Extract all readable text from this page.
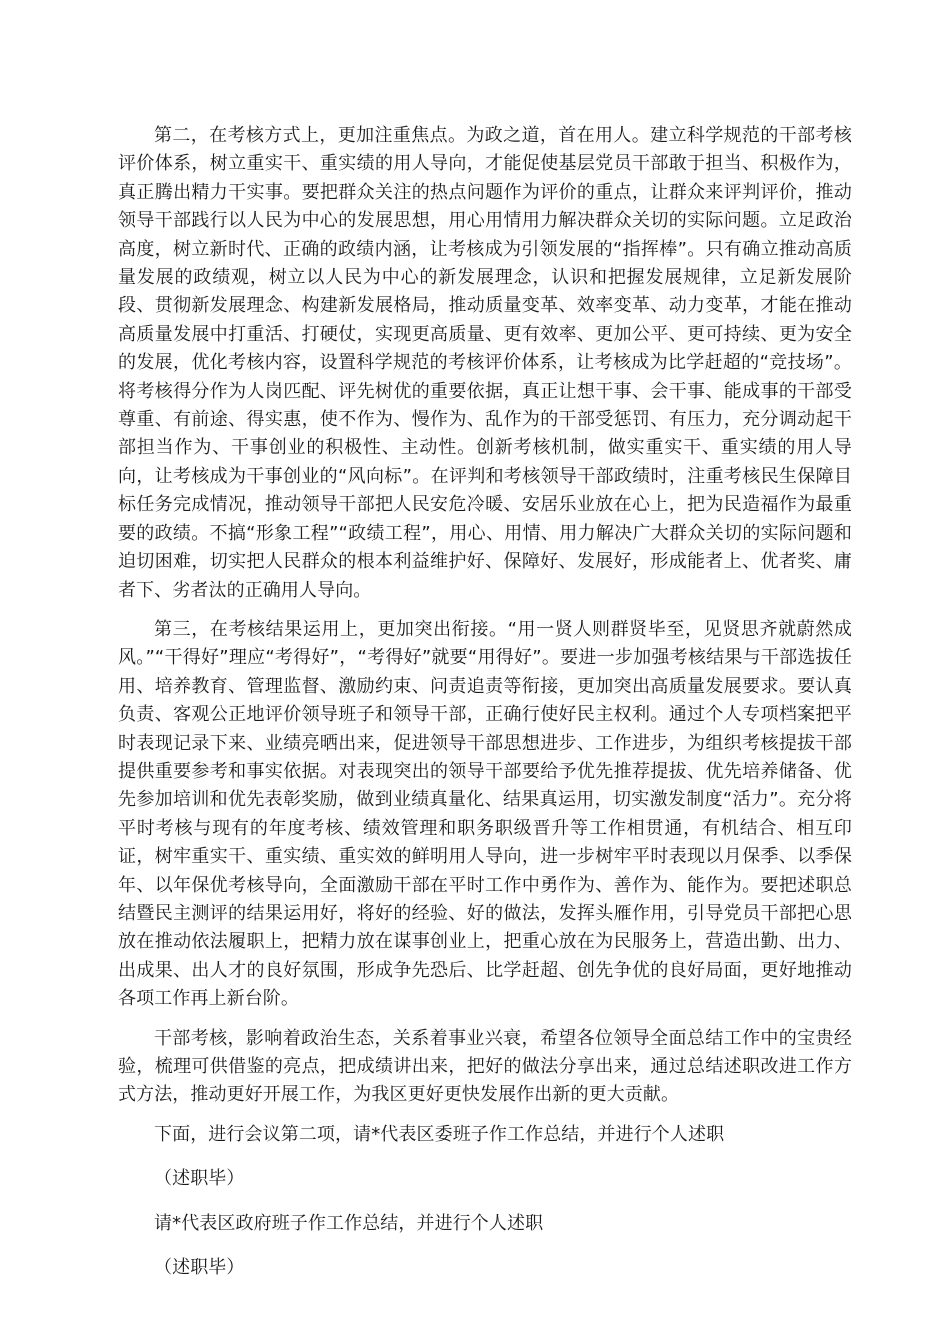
第二，在考核方式上，更加注重焦点。为政之道，首在用人。建立科学规范的干部考核评价体系，树立重实干、重实绩的用人导向，才能促使基层党员干部敢于担当、积极作为，真正腾出精力干实事。要把群众关注的热点问题作为评价的重点，让群众来评判评价，推动领导干部践行以人民为中心的发展思想，用心用情用力解决群众关切的实际问题。立足政治高度，树立新时代、正确的政绩内涵，让考核成为引领发展的“指挥棒”。只有确立推动高质量发展的政绩观，树立以人民为中心的新发展理念，认识和把握发展规律，立足新发展阶段、贯彻新发展理念、构建新发展格局，推动质量变革、效率变革、动力变革，才能在推动高质量发展中打重活、打硬仗，实现更高质量、更有效率、更加公平、更可持续、更为安全的发展，优化考核内容，设置科学规范的考核评价体系，让考核成为比学赶超的“竞技场”。将考核得分作为人岗匹配、评先树优的重要依据，真正让想干事、会干事、能成事的干部受尊重、有前途、得实惠，使不作为、慢作为、乱作为的干部受惩罚、有压力，充分调动起干部担当作为、干事创业的积极性、主动性。创新考核机制，做实重实干、重实绩的用人导向，让考核成为干事创业的“风向标”。在评判和考核领导干部政绩时，注重考核民生保障目标任务完成情况，推动领导干部把人民安危冷暖、安居乐业放在心上，把为民造福作为最重要的政绩。不搞“形象工程”“政绩工程”，用心、用情、用力解决广大群众关切的实际问题和迫切困难，切实把人民群众的根本利益维护好、保障好、发展好，形成能者上、优者奖、庸者下、劣者汰的正确用人导向。

第三，在考核结果运用上，更加突出衔接。“用一贤人则群贤毕至，见贤思齐就蔚然成风。”“干得好”理应“考得好”，“考得好”就要“用得好”。要进一步加强考核结果与干部选拔任用、培养教育、管理监督、激励约束、问责追责等衔接，更加突出高质量发展要求。要认真负责、客观公正地评价领导班子和领导干部，正确行使好民主权利。通过个人专项档案把平时表现记录下来、业绩亮晒出来，促进领导干部思想进步、工作进步，为组织考核提拔干部提供重要参考和事实依据。对表现突出的领导干部要给予优先推荐提拔、优先培养储备、优先参加培训和优先表彰奖励，做到业绩真量化、结果真运用，切实激发制度“活力”。充分将平时考核与现有的年度考核、绩效管理和职务职级晋升等工作相贯通，有机结合、相互印证，树牢重实干、重实绩、重实效的鲜明用人导向，进一步树牢平时表现以月保季、以季保年、以年保优考核导向，全面激励干部在平时工作中勇作为、善作为、能作为。要把述职总结暨民主测评的结果运用好，将好的经验、好的做法，发挥头雁作用，引导党员干部把心思放在推动依法履职上，把精力放在谋事创业上，把重心放在为民服务上，营造出勤、出力、出成果、出人才的良好氛围，形成争先恐后、比学赶超、创先争优的良好局面，更好地推动各项工作再上新台阶。

干部考核，影响着政治生态，关系着事业兴衰，希望各位领导全面总结工作中的宝贵经验，梳理可供借鉴的亮点，把成绩讲出来，把好的做法分享出来，通过总结述职改进工作方式方法，推动更好开展工作，为我区更好更快发展作出新的更大贡献。

下面，进行会议第二项，请*代表区委班子作工作总结，并进行个人述职

（述职毕）

请*代表区政府班子作工作总结，并进行个人述职

（述职毕）
